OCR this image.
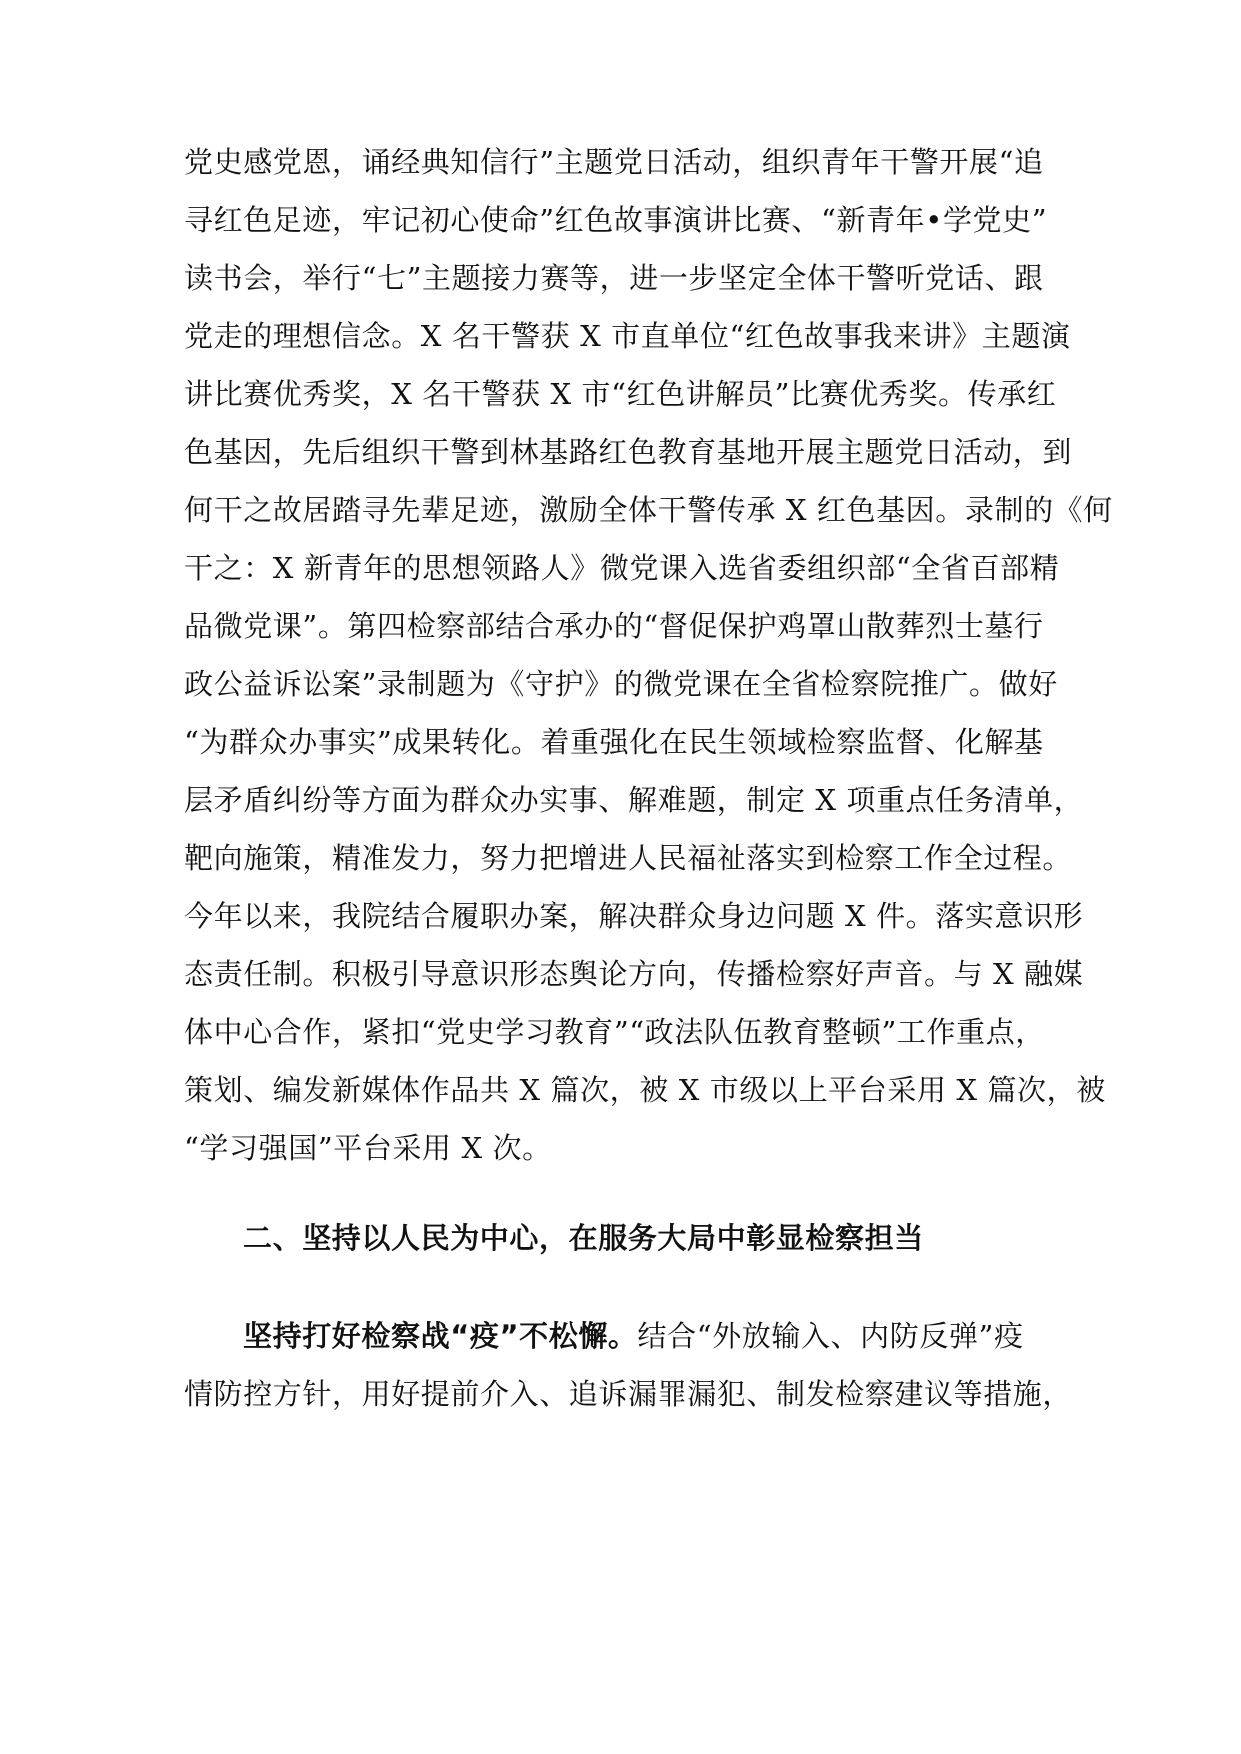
党史感党恩，诵经典知信行”主题党日活动，组织青年干警开展“追
寻红色足迹，牢记初心使命”红色故事演讲比赛、“新青年•学党史”
读书会，举行“七”主题接力赛等，进一步坚定全体干警听党话、跟
党走的理想信念。X 名干警获 X 市直单位“红色故事我来讲》主题演
讲比赛优秀奖，X 名干警获 X 市“红色讲解员”比赛优秀奖。传承红
色基因，先后组织干警到林基路红色教育基地开展主题党日活动，到
何干之故居踏寻先辈足迹，激励全体干警传承 X 红色基因。录制的《何
干之：X 新青年的思想领路人》微党课入选省委组织部“全省百部精
品微党课”。第四检察部结合承办的“督促保护鸡罩山散葬烈士墓行
政公益诉讼案”录制题为《守护》的微党课在全省检察院推广。做好
“为群众办事实”成果转化。着重强化在民生领域检察监督、化解基
层矛盾纠纷等方面为群众办实事、解难题，制定 X 项重点任务清单，
靶向施策，精准发力，努力把增进人民福祉落实到检察工作全过程。
今年以来，我院结合履职办案，解决群众身边问题 X 件。落实意识形
态责任制。积极引导意识形态舆论方向，传播检察好声音。与 X 融媒
体中心合作，紧扣“党史学习教育”“政法队伍教育整顿”工作重点，
策划、编发新媒体作品共 X 篇次，被 X 市级以上平台采用 X 篇次，被
“学习强国”平台采用 X 次。
二、坚持以人民为中心，在服务大局中彰显检察担当
坚持打好检察战“疫”不松懈。结合“外放输入、内防反弹”疫
情防控方针，用好提前介入、追诉漏罪漏犯、制发检察建议等措施，
